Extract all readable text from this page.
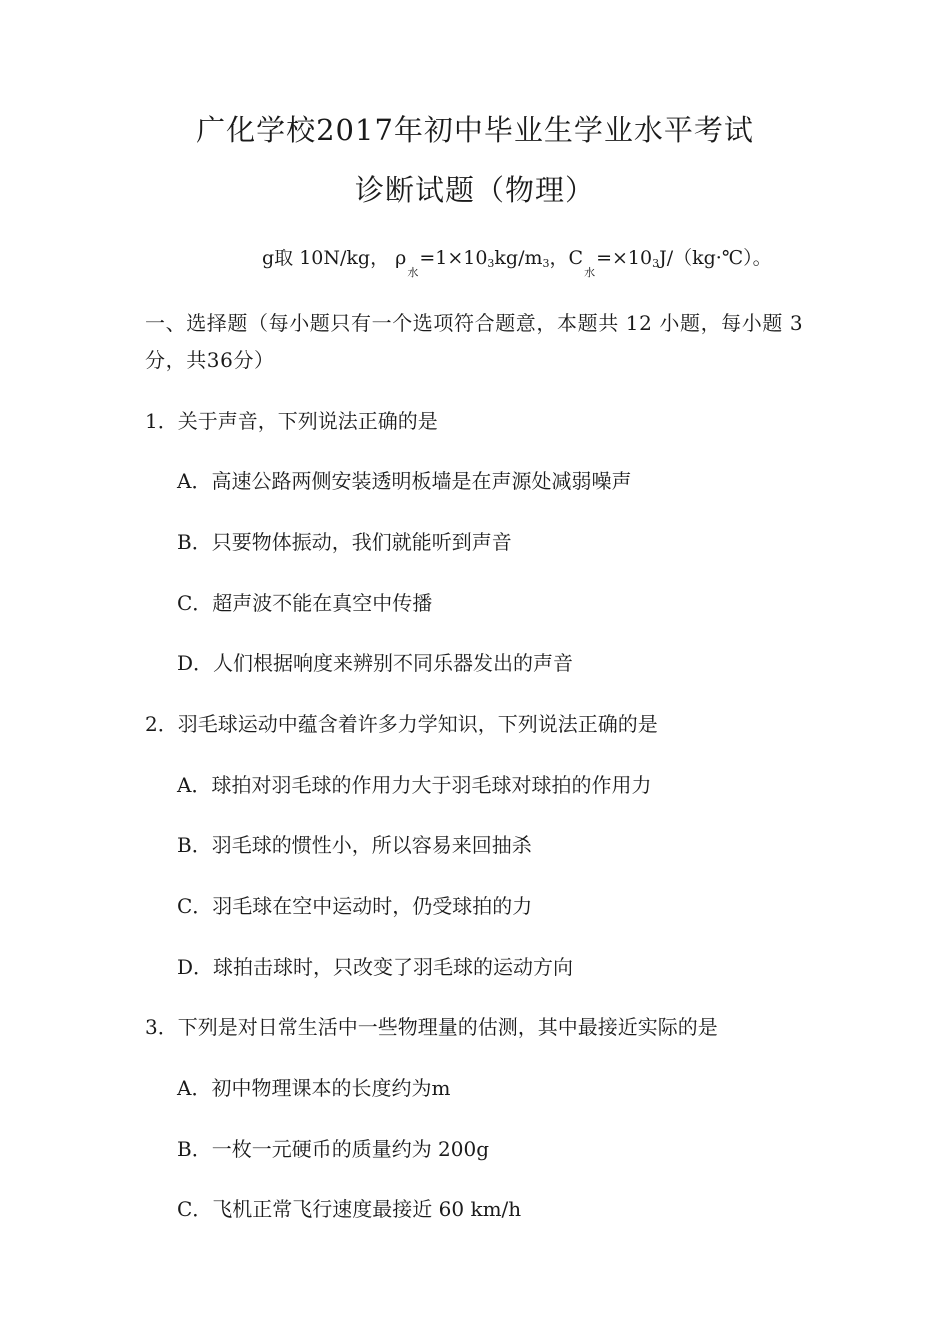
广化学校2017年初中毕业生学业水平考试
诊断试题（物理）
g取 10N/kg， $\rho_水=1\times 103kg/m3$，$C_水=\times 103J/(kg\cdot℃)$。
一、选择题（每小题只有一个选项符合题意，本题共 12 小题，每小题 3
分，共36分）
1．关于声音，下列说法正确的是
A．高速公路两侧安装透明板墙是在声源处减弱噪声
B．只要物体振动，我们就能听到声音
C．超声波不能在真空中传播
D．人们根据响度来辨别不同乐器发出的声音
2．羽毛球运动中蕴含着许多力学知识，下列说法正确的是
A．球拍对羽毛球的作用力大于羽毛球对球拍的作用力
B．羽毛球的惯性小，所以容易来回抽杀
C．羽毛球在空中运动时，仍受球拍的力
D．球拍击球时，只改变了羽毛球的运动方向
3．下列是对日常生活中一些物理量的估测，其中最接近实际的是
A．初中物理课本的长度约为m
B．一枚一元硬币的质量约为 200g
C．飞机正常飞行速度最接近 60 km/h
